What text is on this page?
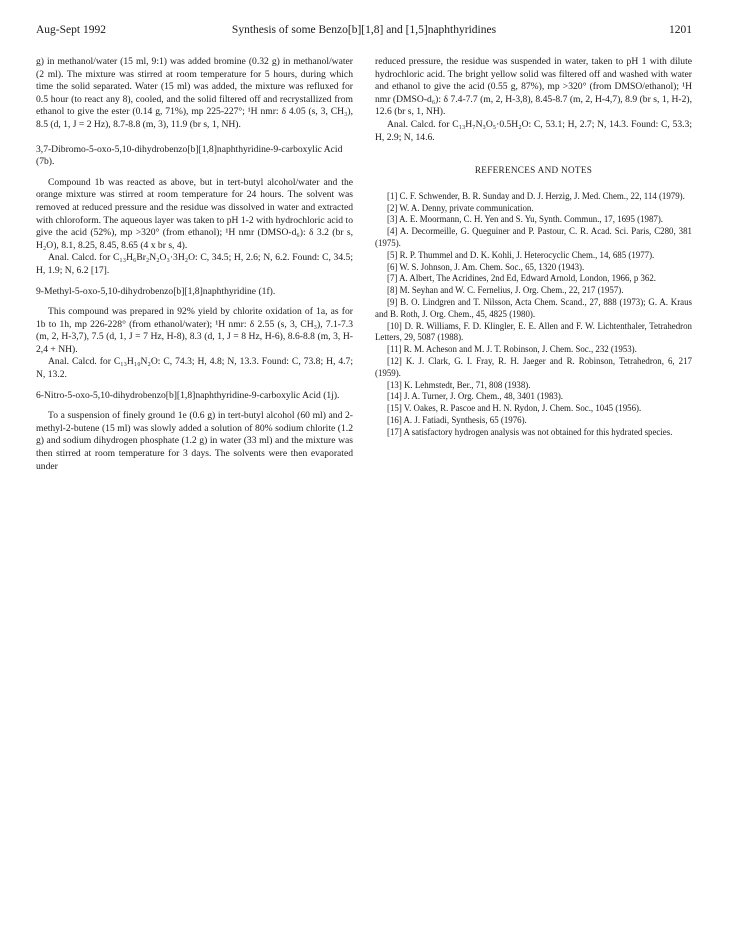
Aug-Sept 1992	Synthesis of some Benzo[b][1,8] and [1,5]naphthyridines	1201

g) in methanol/water (15 ml, 9:1) was added bromine (0.32 g) in methanol/water (2 ml). The mixture was stirred at room temperature for 5 hours, during which time the solid separated. Water (15 ml) was added, the mixture was refluxed for 0.5 hour (to react any 8), cooled, and the solid filtered off and recrystallized from ethanol to give the ester (0.14 g, 71%), mp 225-227°; ¹H nmr: δ 4.05 (s, 3, CH₃), 8.5 (d, 1, J = 2 Hz), 8.7-8.8 (m, 3), 11.9 (br s, 1, NH).

3,7-Dibromo-5-oxo-5,10-dihydrobenzo[b][1,8]naphthyridine-9-carboxylic Acid (7b).

Compound 1b was reacted as above, but in tert-butyl alcohol/water and the orange mixture was stirred at room temperature for 24 hours. The solvent was removed at reduced pressure and the residue was dissolved in water and extracted with chloroform. The aqueous layer was taken to pH 1-2 with hydrochloric acid to give the acid (52%), mp >320° (from ethanol); ¹H nmr (DMSO-d₆): δ 3.2 (br s, H₂O), 8.1, 8.25, 8.45, 8.65 (4 x br s, 4).

Anal. Calcd. for C₁₃H₆Br₂N₂O₃·3H₂O: C, 34.5; H, 2.6; N, 6.2. Found: C, 34.5; H, 1.9; N, 6.2 [17].

9-Methyl-5-oxo-5,10-dihydrobenzo[b][1,8]naphthyridine (1f).

This compound was prepared in 92% yield by chlorite oxidation of 1a, as for 1b to 1h, mp 226-228° (from ethanol/water); ¹H nmr: δ 2.55 (s, 3, CH₃), 7.1-7.3 (m, 2, H-3,7), 7.5 (d, 1, J = 7 Hz, H-8), 8.3 (d, 1, J = 8 Hz, H-6), 8.6-8.8 (m, 3, H-2,4 + NH).

Anal. Calcd. for C₁₃H₁₀N₂O: C, 74.3; H, 4.8; N, 13.3. Found: C, 73.8; H, 4.7; N, 13.2.

6-Nitro-5-oxo-5,10-dihydrobenzo[b][1,8]naphthyridine-9-carboxylic Acid (1j).

To a suspension of finely ground 1e (0.6 g) in tert-butyl alcohol (60 ml) and 2-methyl-2-butene (15 ml) was slowly added a solution of 80% sodium chlorite (1.2 g) and sodium dihydrogen phosphate (1.2 g) in water (33 ml) and the mixture was then stirred at room temperature for 3 days. The solvents were then evaporated under

reduced pressure, the residue was suspended in water, taken to pH 1 with dilute hydrochloric acid. The bright yellow solid was filtered off and washed with water and ethanol to give the acid (0.55 g, 87%), mp >320° (from DMSO/ethanol); ¹H nmr (DMSO-d₆): δ 7.4-7.7 (m, 2, H-3,8), 8.45-8.7 (m, 2, H-4,7), 8.9 (br s, 1, H-2), 12.6 (br s, 1, NH).

Anal. Calcd. for C₁₃H₇N₃O₅·0.5H₂O: C, 53.1; H, 2.7; N, 14.3. Found: C, 53.3; H, 2.9; N, 14.6.

REFERENCES AND NOTES

[1] C. F. Schwender, B. R. Sunday and D. J. Herzig, J. Med. Chem., 22, 114 (1979).

[2] W. A. Denny, private communication.

[3] A. E. Moormann, C. H. Yen and S. Yu, Synth. Commun., 17, 1695 (1987).

[4] A. Decormeille, G. Queguiner and P. Pastour, C. R. Acad. Sci. Paris, C280, 381 (1975).

[5] R. P. Thummel and D. K. Kohli, J. Heterocyclic Chem., 14, 685 (1977).

[6] W. S. Johnson, J. Am. Chem. Soc., 65, 1320 (1943).

[7] A. Albert, The Acridines, 2nd Ed, Edward Arnold, London, 1966, p 362.

[8] M. Seyhan and W. C. Fernelius, J. Org. Chem., 22, 217 (1957).

[9] B. O. Lindgren and T. Nilsson, Acta Chem. Scand., 27, 888 (1973); G. A. Kraus and B. Roth, J. Org. Chem., 45, 4825 (1980).

[10] D. R. Williams, F. D. Klingler, E. E. Allen and F. W. Lichtenthaler, Tetrahedron Letters, 29, 5087 (1988).

[11] R. M. Acheson and M. J. T. Robinson, J. Chem. Soc., 232 (1953).

[12] K. J. Clark, G. I. Fray, R. H. Jaeger and R. Robinson, Tetrahedron, 6, 217 (1959).

[13] K. Lehmstedt, Ber., 71, 808 (1938).

[14] J. A. Turner, J. Org. Chem., 48, 3401 (1983).

[15] V. Oakes, R. Pascoe and H. N. Rydon, J. Chem. Soc., 1045 (1956).

[16] A. J. Fatiadi, Synthesis, 65 (1976).

[17] A satisfactory hydrogen analysis was not obtained for this hydrated species.
